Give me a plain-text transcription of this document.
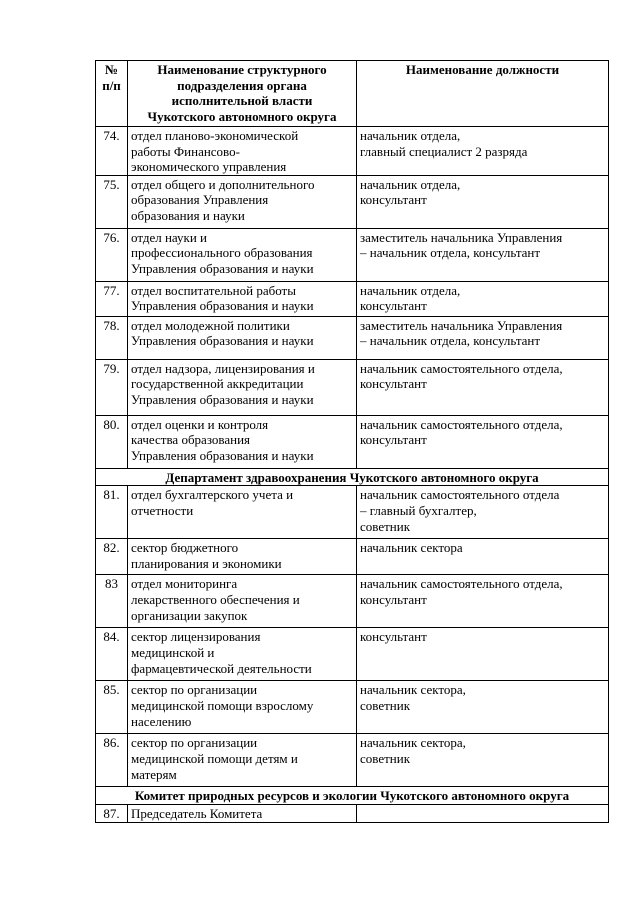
№
п/п	Наименование структурного
подразделения органа
исполнительной власти
Чукотского автономного округа	Наименование должности
74.	отдел планово-экономической
работы Финансово-
экономического управления	начальник отдела,
главный специалист 2 разряда
75.	отдел общего и дополнительного
образования Управления
образования и науки	начальник отдела,
консультант
76.	отдел науки и
профессионального образования
Управления образования и науки	заместитель начальника Управления
– начальник отдела, консультант
77.	отдел воспитательной работы
Управления образования и науки	начальник отдела,
консультант
78.	отдел молодежной политики
Управления образования и науки	заместитель начальника Управления
– начальник отдела, консультант
79.	отдел надзора, лицензирования и
государственной аккредитации
Управления образования и науки	начальник самостоятельного отдела,
консультант
80.	отдел оценки и контроля
качества образования
Управления образования и науки	начальник самостоятельного отдела,
консультант
Департамент здравоохранения Чукотского автономного округа		
81.	отдел бухгалтерского учета и
отчетности	начальник самостоятельного отдела
– главный бухгалтер,
советник
82.	сектор бюджетного
планирования и экономики	начальник сектора
83	отдел мониторинга
лекарственного обеспечения и
организации закупок	начальник самостоятельного отдела,
консультант
84.	сектор лицензирования
медицинской и
фармацевтической деятельности	консультант
85.	сектор по организации
медицинской помощи взрослому
населению	начальник сектора,
советник
86.	сектор по организации
медицинской помощи детям и
матерям	начальник сектора,
советник
Комитет природных ресурсов и экологии Чукотского автономного округа		
87.	Председатель Комитета	
